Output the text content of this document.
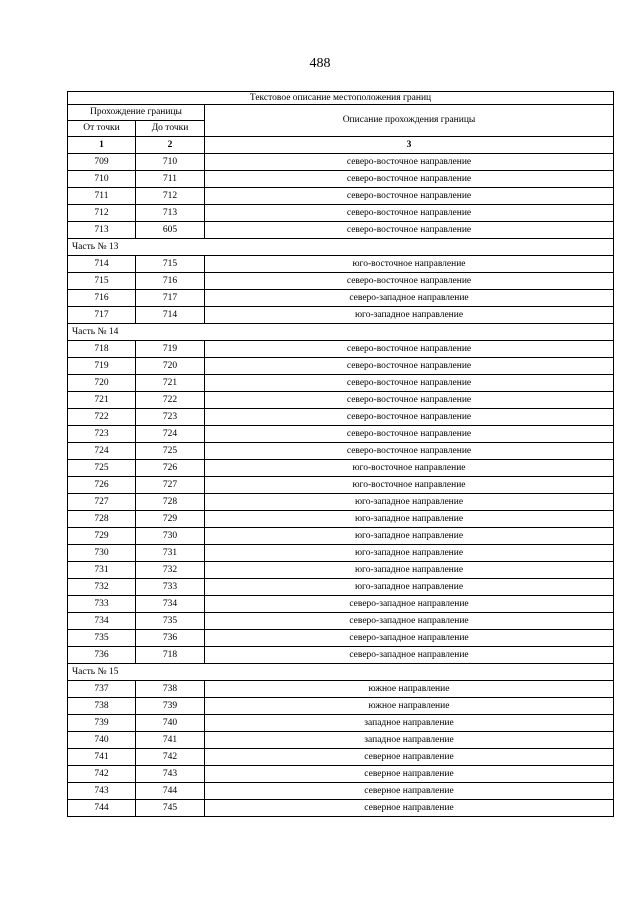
488
Текстовое описание местоположения границ		
Прохождение границы		Описание прохождения границы
От точки	До точки	
1	2	3
709	710	северо-восточное направление
710	711	северо-восточное направление
711	712	северо-восточное направление
712	713	северо-восточное направление
713	605	северо-восточное направление
Часть № 13		
714	715	юго-восточное направление
715	716	северо-восточное направление
716	717	северо-западное направление
717	714	юго-западное направление
Часть № 14		
718	719	северо-восточное направление
719	720	северо-восточное направление
720	721	северо-восточное направление
721	722	северо-восточное направление
722	723	северо-восточное направление
723	724	северо-восточное направление
724	725	северо-восточное направление
725	726	юго-восточное направление
726	727	юго-восточное направление
727	728	юго-западное направление
728	729	юго-западное направление
729	730	юго-западное направление
730	731	юго-западное направление
731	732	юго-западное направление
732	733	юго-западное направление
733	734	северо-западное направление
734	735	северо-западное направление
735	736	северо-западное направление
736	718	северо-западное направление
Часть № 15		
737	738	южное направление
738	739	южное направление
739	740	западное направление
740	741	западное направление
741	742	северное направление
742	743	северное направление
743	744	северное направление
744	745	северное направление
